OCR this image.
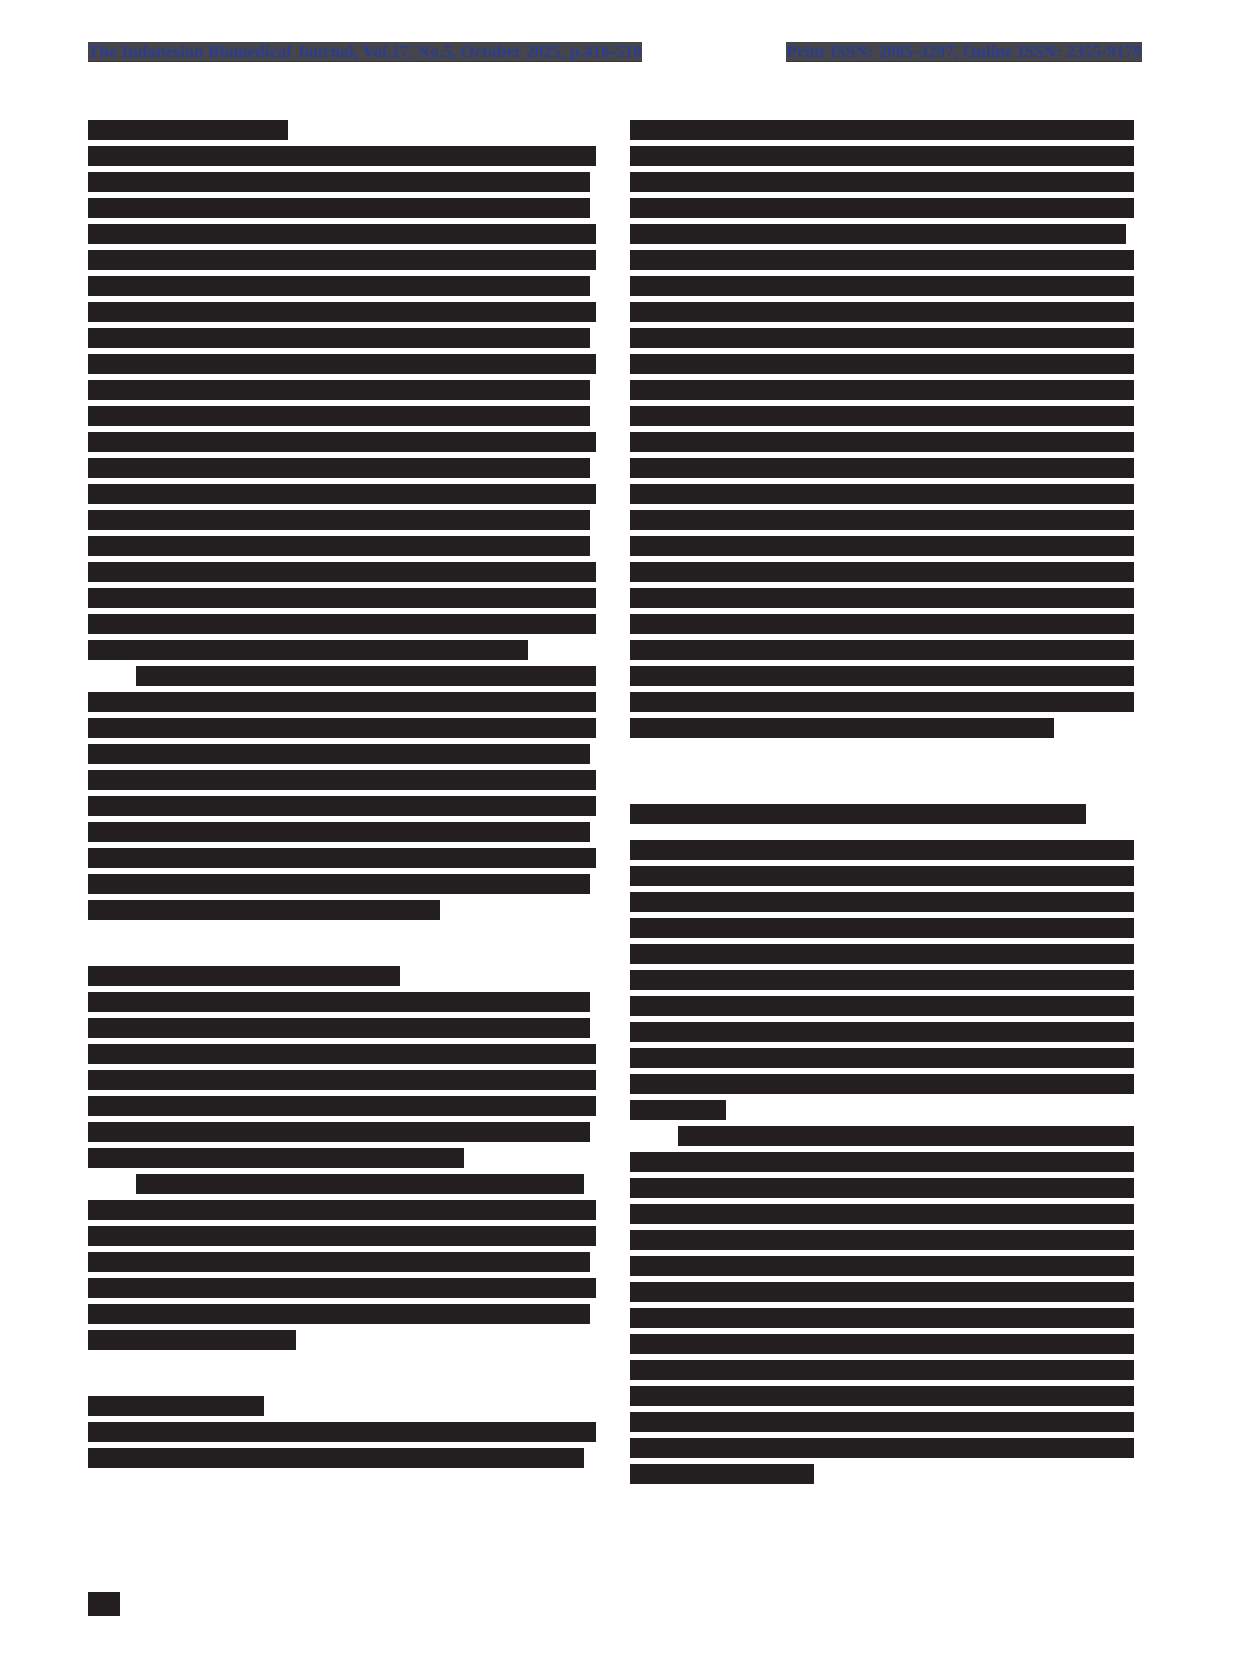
The Indonesian Biomedical Journal, Vol.17, No.5, October 2025, p.416-510	Print ISSN: 2085-3297, Online ISSN: 2355-9179
